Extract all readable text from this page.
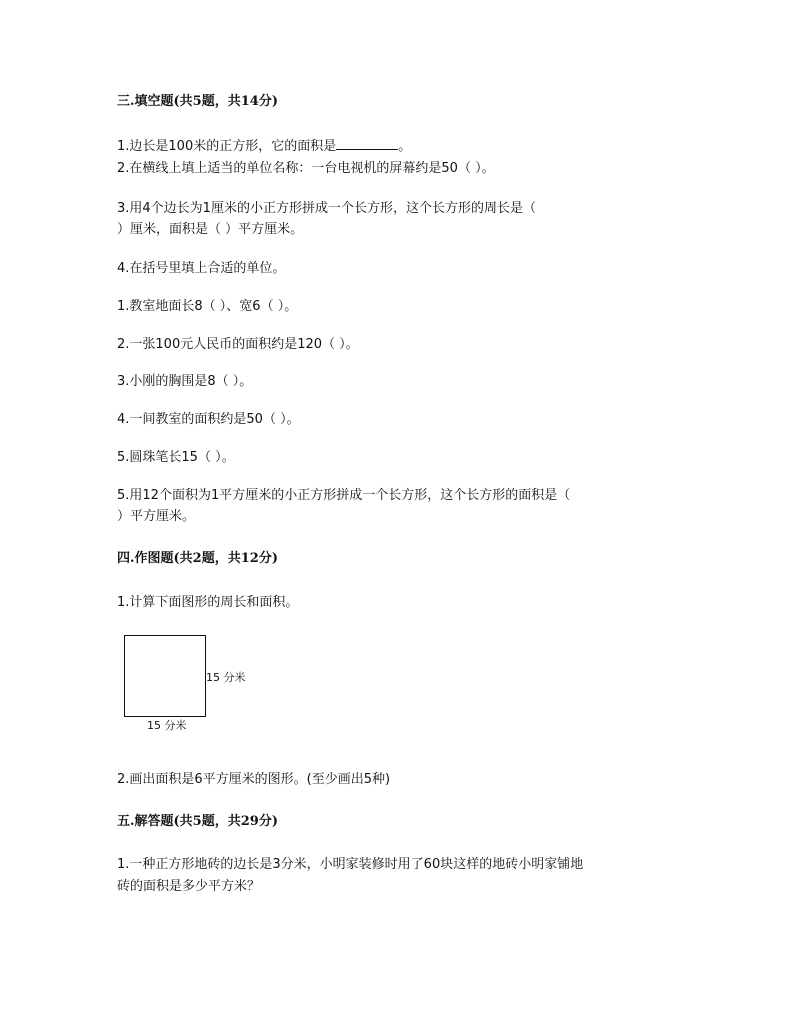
三.填空题(共5题，共14分)
1.边长是100米的正方形，它的面积是	。
2.在横线上填上适当的单位名称：一台电视机的屏幕约是50（ ）。
3.用4个边长为1厘米的小正方形拼成一个长方形，这个长方形的周长是（
）厘米，面积是（ ）平方厘米。
4.在括号里填上合适的单位。
1.教室地面长8（ ）、宽6（ ）。
2.一张100元人民币的面积约是120（ ）。
3.小刚的胸围是8（ ）。
4.一间教室的面积约是50（ ）。
5.圆珠笔长15（ ）。
5.用12个面积为1平方厘米的小正方形拼成一个长方形，这个长方形的面积是（
）平方厘米。
四.作图题(共2题，共12分)
1.计算下面图形的周长和面积。
15 分米
15 分米
2.画出面积是6平方厘米的图形。(至少画出5种)
五.解答题(共5题，共29分)
1.一种正方形地砖的边长是3分米，小明家装修时用了60块这样的地砖小明家铺地
砖的面积是多少平方米？
